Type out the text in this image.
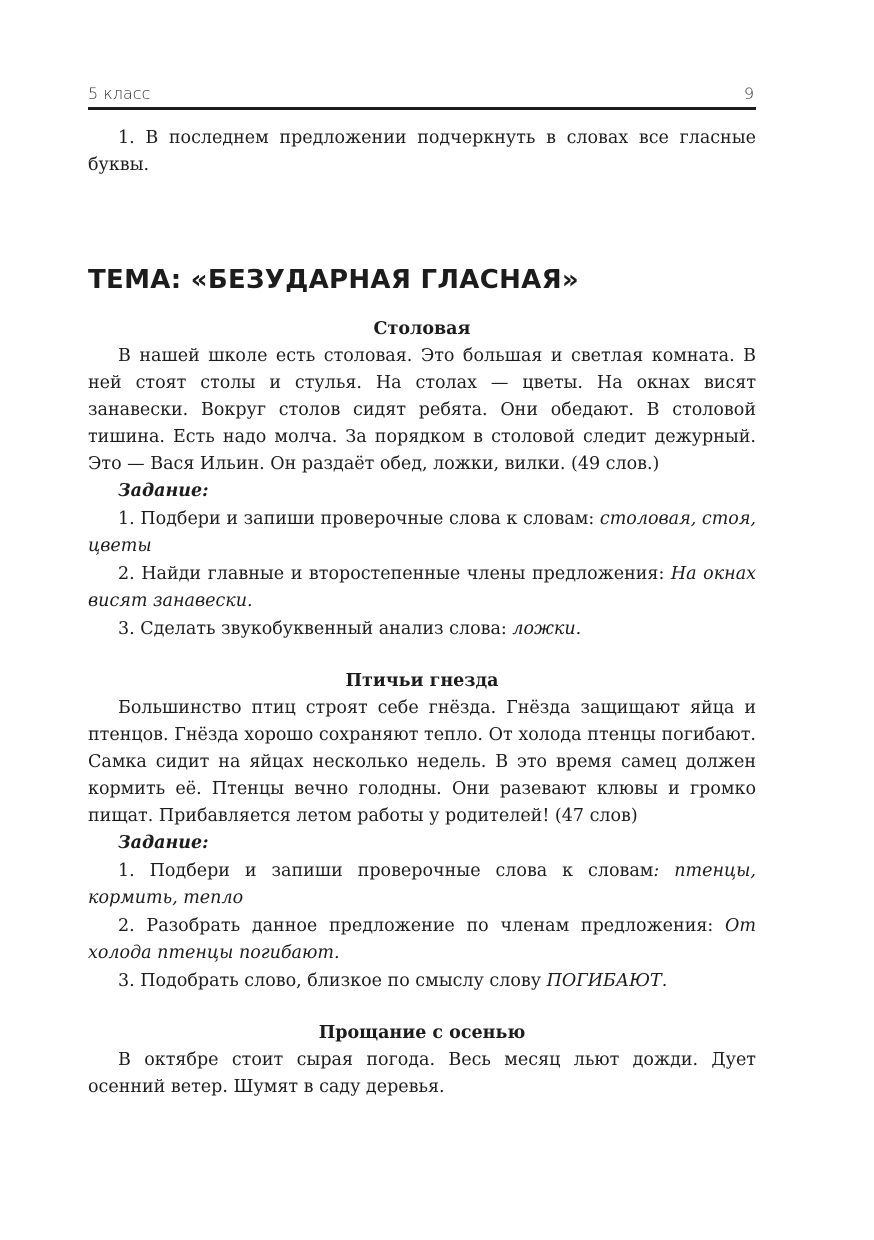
5 класс	9

1. В последнем предложении подчеркнуть в словах все гласные буквы.

ТЕМА: «БЕЗУДАРНАЯ ГЛАСНАЯ»
Столовая

В нашей школе есть столовая. Это большая и светлая комната. В ней стоят столы и стулья. На столах — цветы. На окнах висят занавески. Вокруг столов сидят ребята. Они обедают. В столовой тишина. Есть надо молча. За порядком в столовой следит дежурный. Это — Вася Ильин. Он раздаёт обед, ложки, вилки. (49 слов.)

Задание:

1. Подбери и запиши проверочные слова к словам: столовая, стоя, цветы

2. Найди главные и второстепенные члены предложения: На окнах висят занавески.

3. Сделать звукобуквенный анализ слова: ложки.

Птичьи гнезда

Большинство птиц строят себе гнёзда. Гнёзда защищают яйца и птенцов. Гнёзда хорошо сохраняют тепло. От холода птенцы погибают. Самка сидит на яйцах несколько недель. В это время самец должен кормить её. Птенцы вечно голодны. Они разевают клювы и громко пищат. Прибавляется летом работы у родителей! (47 слов)

Задание:

1. Подбери и запиши проверочные слова к словам: птенцы, кормить, тепло

2. Разобрать данное предложение по членам предложения: От холода птенцы погибают.

3. Подобрать слово, близкое по смыслу слову ПОГИБАЮТ.

Прощание с осенью

В октябре стоит сырая погода. Весь месяц льют дожди. Дует осенний ветер. Шумят в саду деревья.
